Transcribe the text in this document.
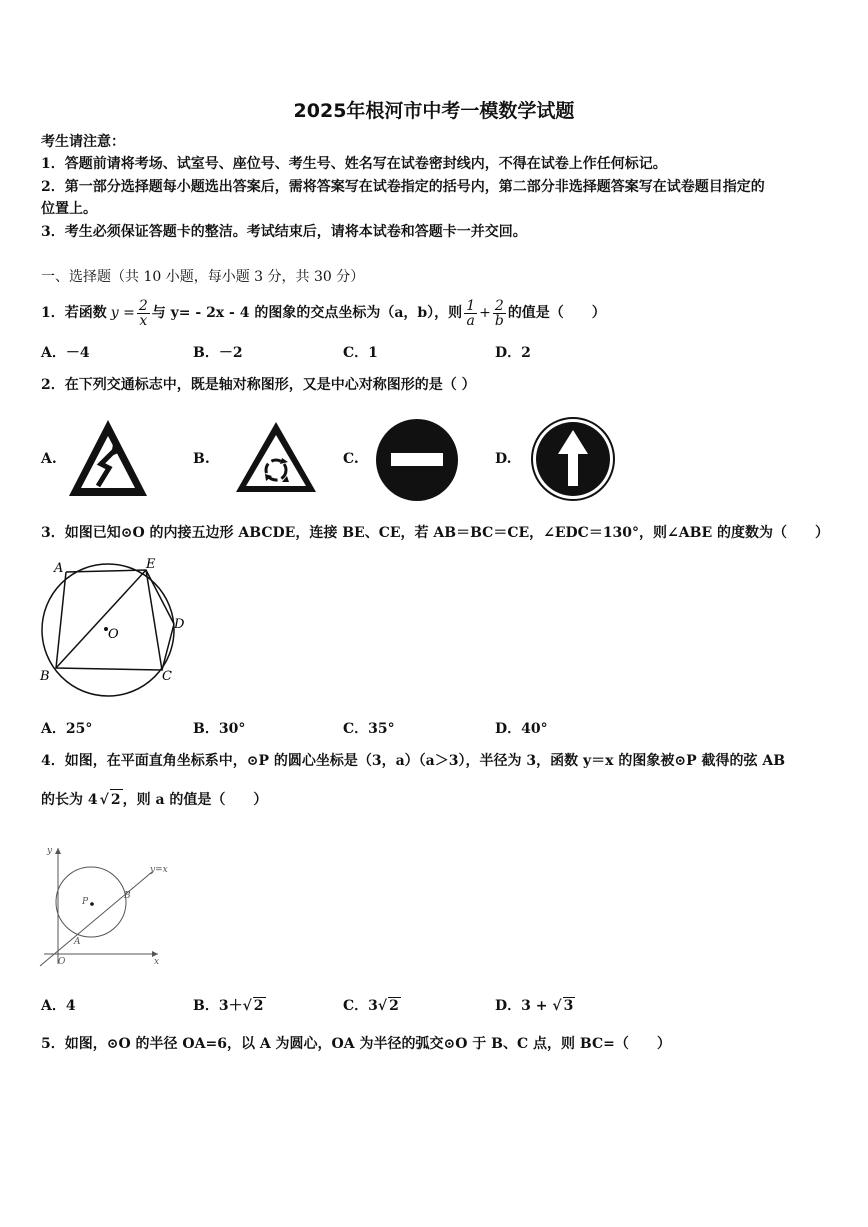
2025年根河市中考一模数学试题
考生请注意：
1．答题前请将考场、试室号、座位号、考生号、姓名写在试卷密封线内，不得在试卷上作任何标记。
2．第一部分选择题每小题选出答案后，需将答案写在试卷指定的括号内，第二部分非选择题答案写在试卷题目指定的
位置上。
3．考生必须保证答题卡的整洁。考试结束后，请将本试卷和答题卡一并交回。
一、选择题（共 10 小题，每小题 3 分，共 30 分）
1．若函数 $y = \frac{2}{x}$ 与 y= - 2x - 4 的图象的交点坐标为（a，b），则 $\frac{1}{a} + \frac{2}{b}$ 的值是（　　）
A．－4	B．－2	C．1	D．2
2．在下列交通标志中，既是轴对称图形，又是中心对称图形的是（ ）
A.	B.	C.	D.
3．如图已知⊙O 的内接五边形 ABCDE，连接 BE、CE，若 AB＝BC＝CE，∠EDC＝130°，则∠ABE 的度数为（　　）
A	E
D
B	C
O
A．25°	B．30°	C．35°	D．40°
4．如图，在平面直角坐标系中，⊙P 的圆心坐标是（3，a）（a＞3），半径为 3，函数 y＝x 的图象被⊙P 截得的弦 AB
的长为 4 √ 2 ，则 a 的值是（　　）
y
x
y=x
P
B
A
O
A．4	B．3＋√ 2	C．3√ 2	D．3 + √ 3
5．如图，⊙O 的半径 OA=6，以 A 为圆心，OA 为半径的弧交⊙O 于 B、C 点，则 BC=（　　）
